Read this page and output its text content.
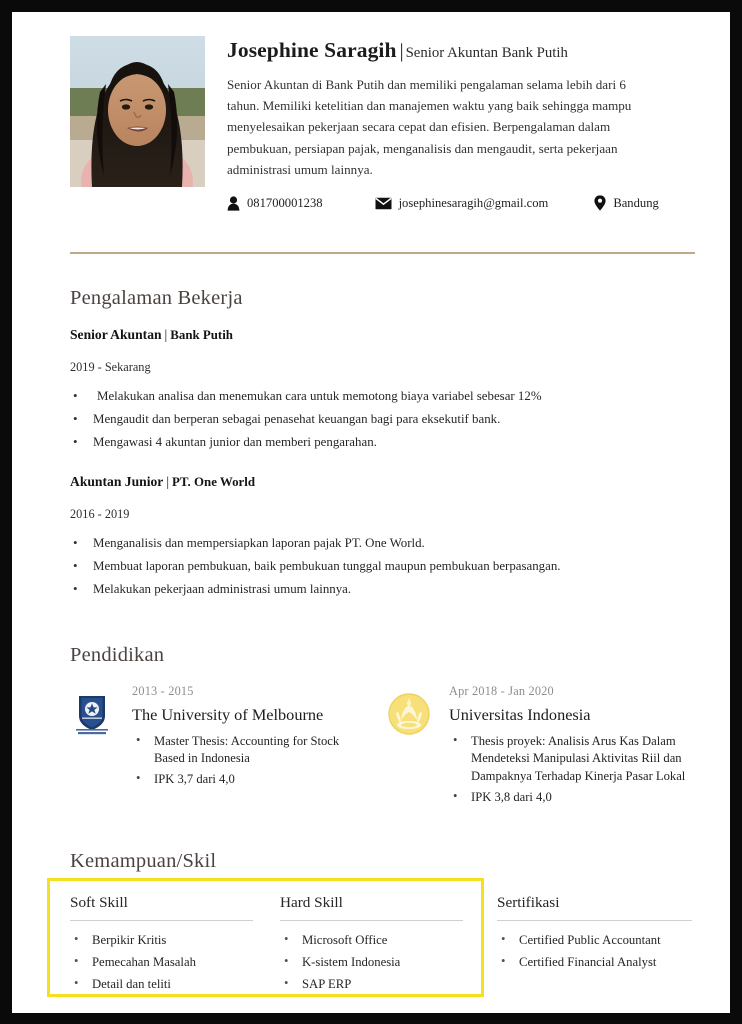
Josephine Saragih | Senior Akuntan Bank Putih

Senior Akuntan di Bank Putih dan memiliki pengalaman selama lebih dari 6 tahun. Memiliki ketelitian dan manajemen waktu yang baik sehingga mampu menyelesaikan pekerjaan secara cepat dan efisien. Berpengalaman dalam pembukuan, persiapan pajak, menganalisis dan mengaudit, serta pekerjaan administrasi umum lainnya.

081700001238	josephinesaragih@gmail.com	Bandung
Pengalaman Bekerja
Senior Akuntan | Bank Putih

2019 - Sekarang

• Melakukan analisa dan menemukan cara untuk memotong biaya variabel sebesar 12%
• Mengaudit dan berperan sebagai penasehat keuangan bagi para eksekutif bank.
• Mengawasi 4 akuntan junior dan memberi pengarahan.
Akuntan Junior | PT. One World

2016 - 2019

• Menganalisis dan mempersiapkan laporan pajak PT. One World.
• Membuat laporan pembukuan, baik pembukuan tunggal maupun pembukuan berpasangan.
• Melakukan pekerjaan administrasi umum lainnya.
Pendidikan

2013 - 2015

The University of Melbourne

• Master Thesis: Accounting for Stock Based in Indonesia
• IPK 3,7 dari 4,0

Apr 2018 - Jan 2020

Universitas Indonesia

• Thesis proyek: Analisis Arus Kas Dalam Mendeteksi Manipulasi Aktivitas Riil dan Dampaknya Terhadap Kinerja Pasar Lokal
• IPK 3,8 dari 4,0
Kemampuan/Skil

Soft Skill

• Berpikir Kritis
• Pemecahan Masalah
• Detail dan teliti

Hard Skill

• Microsoft Office
• K-sistem Indonesia
• SAP ERP

Sertifikasi

• Certified Public Accountant
• Certified Financial Analyst
